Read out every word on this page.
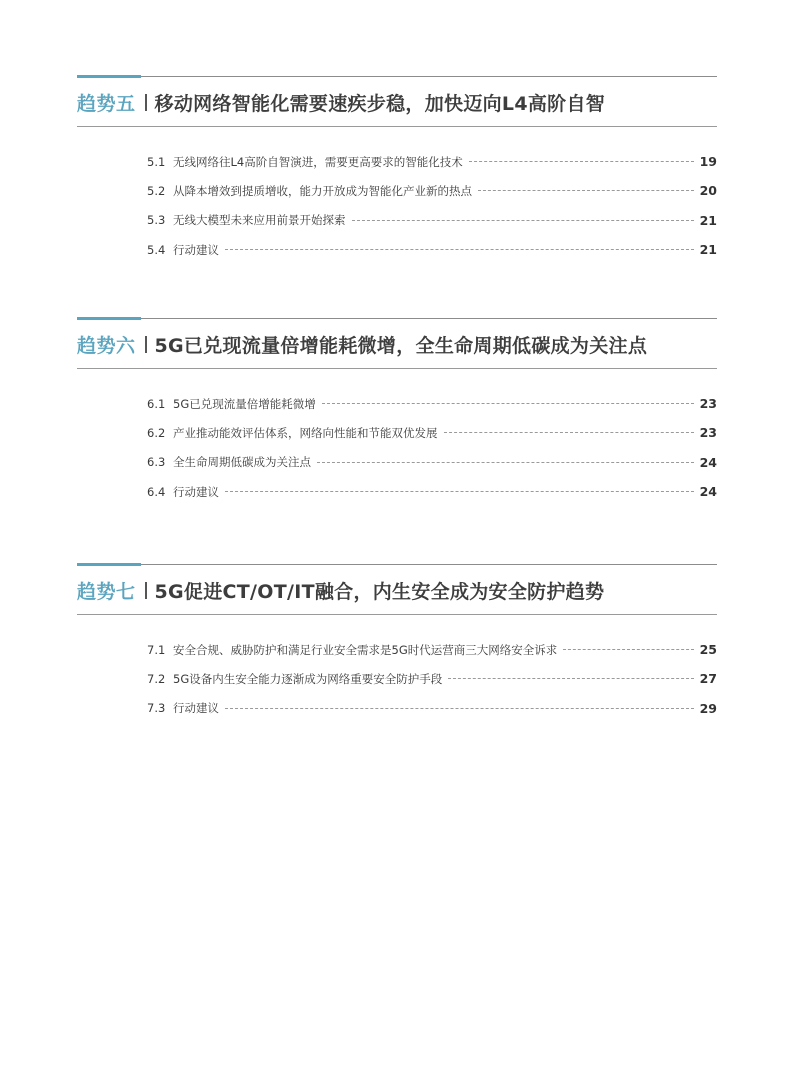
趋势五 移动网络智能化需要速疾步稳，加快迈向L4高阶自智
5.1 无线网络往L4高阶自智演进，需要更高要求的智能化技术	19
5.2 从降本增效到提质增收，能力开放成为智能化产业新的热点	20
5.3 无线大模型未来应用前景开始探索	21
5.4 行动建议	21
趋势六 5G已兑现流量倍增能耗微增，全生命周期低碳成为关注点
6.1 5G已兑现流量倍增能耗微增	23
6.2 产业推动能效评估体系，网络向性能和节能双优发展	23
6.3 全生命周期低碳成为关注点	24
6.4 行动建议	24
趋势七 5G促进CT/OT/IT融合，内生安全成为安全防护趋势
7.1 安全合规、威胁防护和满足行业安全需求是5G时代运营商三大网络安全诉求	25
7.2 5G设备内生安全能力逐渐成为网络重要安全防护手段	27
7.3 行动建议	29
